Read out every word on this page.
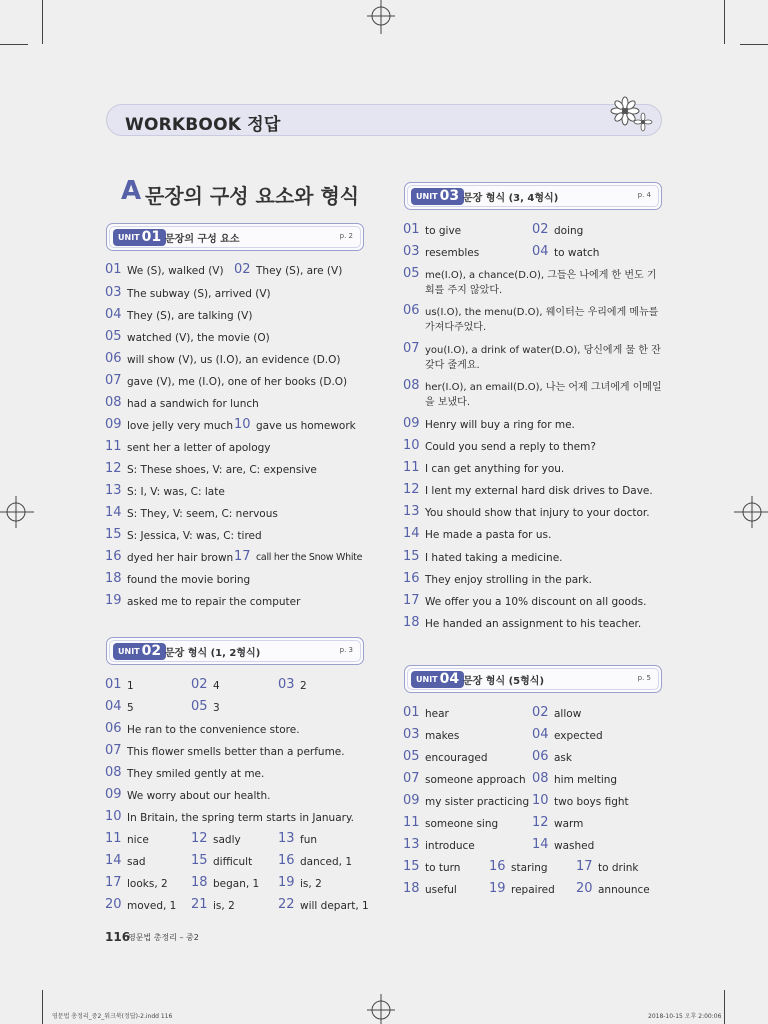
WORKBOOK 정답
A 문장의 구성 요소와 형식
UNIT 01 문장의 구성 요소	p. 2
01 We (S), walked (V) 02 They (S), are (V)
03 The subway (S), arrived (V)
04 They (S), are talking (V)
05 watched (V), the movie (O)
06 will show (V), us (I.O), an evidence (D.O)
07 gave (V), me (I.O), one of her books (D.O)
08 had a sandwich for lunch
09 love jelly very much 10 gave us homework
11 sent her a letter of apology
12 S: These shoes, V: are, C: expensive
13 S: I, V: was, C: late
14 S: They, V: seem, C: nervous
15 S: Jessica, V: was, C: tired
16 dyed her hair brown 17 call her the Snow White
18 found the movie boring
19 asked me to repair the computer
UNIT 02 문장 형식 (1, 2형식)	p. 3
01 1	02 4	03 2
04 5	05 3
06 He ran to the convenience store.
07 This flower smells better than a perfume.
08 They smiled gently at me.
09 We worry about our health.
10 In Britain, the spring term starts in January.
11 nice	12 sadly	13 fun
14 sad	15 difficult 16 danced, 1
17 looks, 2 18 began, 1 19 is, 2
20 moved, 1 21 is, 2	22 will depart, 1
UNIT 03 문장 형식 (3, 4형식)	p. 4
01 to give	02 doing
03 resembles	04 to watch
05 me(I.O), a chance(D.O), 그들은 나에게 한 번도 기회를 주지 않았다.
06 us(I.O), the menu(D.O), 웨이터는 우리에게 메뉴를 가져다주었다.
07 you(I.O), a drink of water(D.O), 당신에게 물 한 잔 갖다 줄게요.
08 her(I.O), an email(D.O), 나는 어제 그녀에게 이메일을 보냈다.
09 Henry will buy a ring for me.
10 Could you send a reply to them?
11 I can get anything for you.
12 I lent my external hard disk drives to Dave.
13 You should show that injury to your doctor.
14 He made a pasta for us.
15 I hated taking a medicine.
16 They enjoy strolling in the park.
17 We offer you a 10% discount on all goods.
18 He handed an assignment to his teacher.
UNIT 04 문장 형식 (5형식)	p. 5
01 hear	02 allow
03 makes	04 expected
05 encouraged	06 ask
07 someone approach 08 him melting
09 my sister practicing 10 two boys fight
11 someone sing	12 warm
13 introduce	14 washed
15 to turn 16 staring 17 to drink
18 useful 19 repaired 20 announce
116
영문법 총정리 – 중2
영문법 총정리_중2_워크북(정답)-2.indd 116	2018-10-15 오후 2:00:06
